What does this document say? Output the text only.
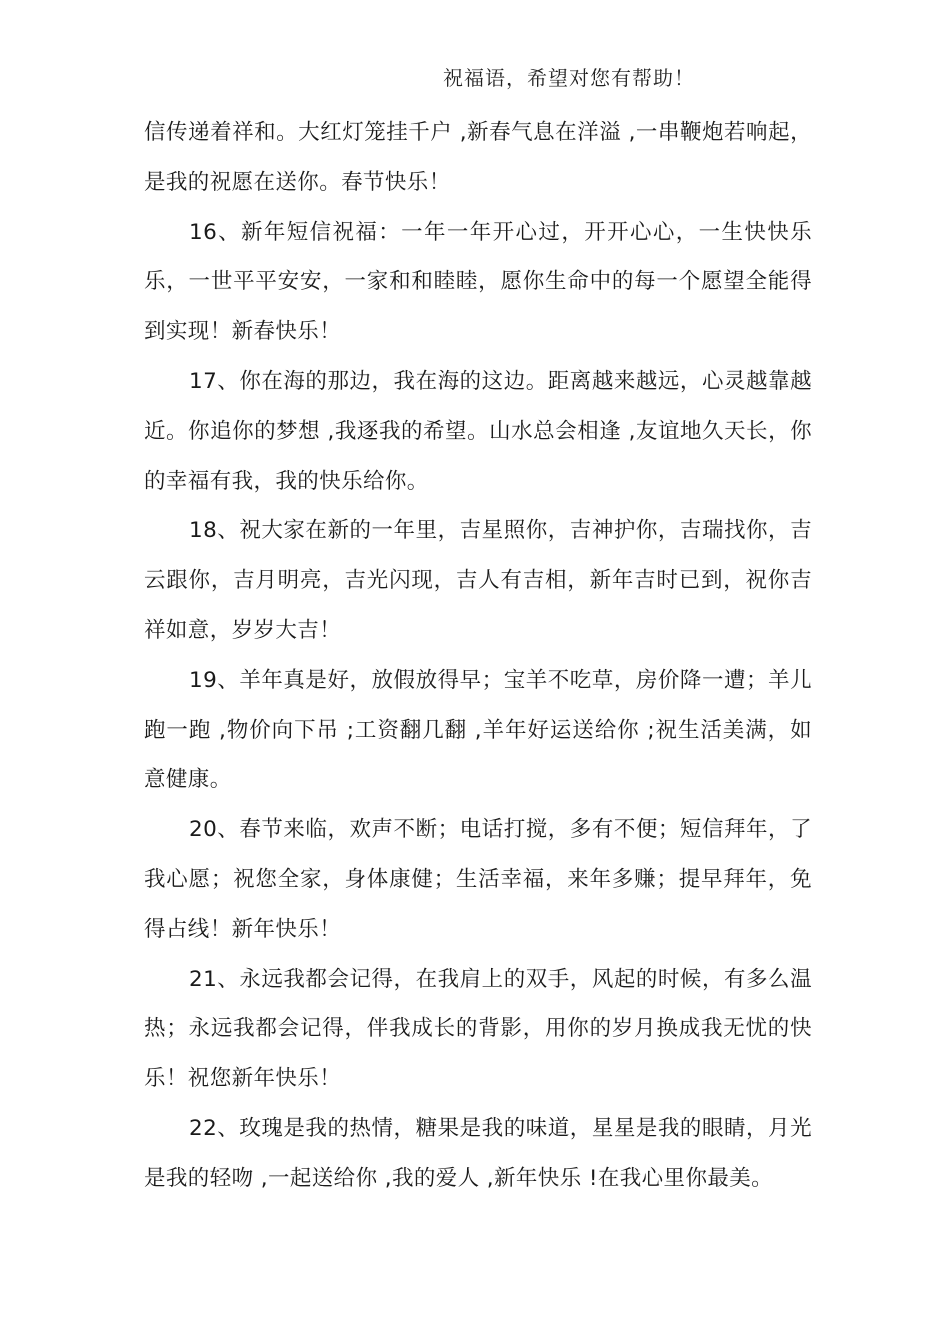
祝福语，希望对您有帮助！

信传递着祥和。大红灯笼挂千户 ,新春气息在洋溢 ,一串鞭炮若响起，是我的祝愿在送你。春节快乐！

16、新年短信祝福：一年一年开心过，开开心心，一生快快乐乐，一世平平安安，一家和和睦睦，愿你生命中的每一个愿望全能得到实现！新春快乐！

17、你在海的那边，我在海的这边。距离越来越远，心灵越靠越近。你追你的梦想 ,我逐我的希望。山水总会相逢 ,友谊地久天长，你的幸福有我，我的快乐给你。

18、祝大家在新的一年里，吉星照你，吉神护你，吉瑞找你，吉云跟你，吉月明亮，吉光闪现，吉人有吉相，新年吉时已到，祝你吉祥如意，岁岁大吉！

19、羊年真是好，放假放得早；宝羊不吃草，房价降一遭；羊儿跑一跑 ,物价向下吊 ;工资翻几翻 ,羊年好运送给你 ;祝生活美满，如意健康。

20、春节来临，欢声不断；电话打搅，多有不便；短信拜年，了我心愿；祝您全家，身体康健；生活幸福，来年多赚；提早拜年，免得占线！新年快乐！

21、永远我都会记得，在我肩上的双手，风起的时候，有多么温热；永远我都会记得，伴我成长的背影，用你的岁月换成我无忧的快乐！祝您新年快乐！

22、玫瑰是我的热情，糖果是我的味道，星星是我的眼睛，月光是我的轻吻 ,一起送给你 ,我的爱人 ,新年快乐 !在我心里你最美。
